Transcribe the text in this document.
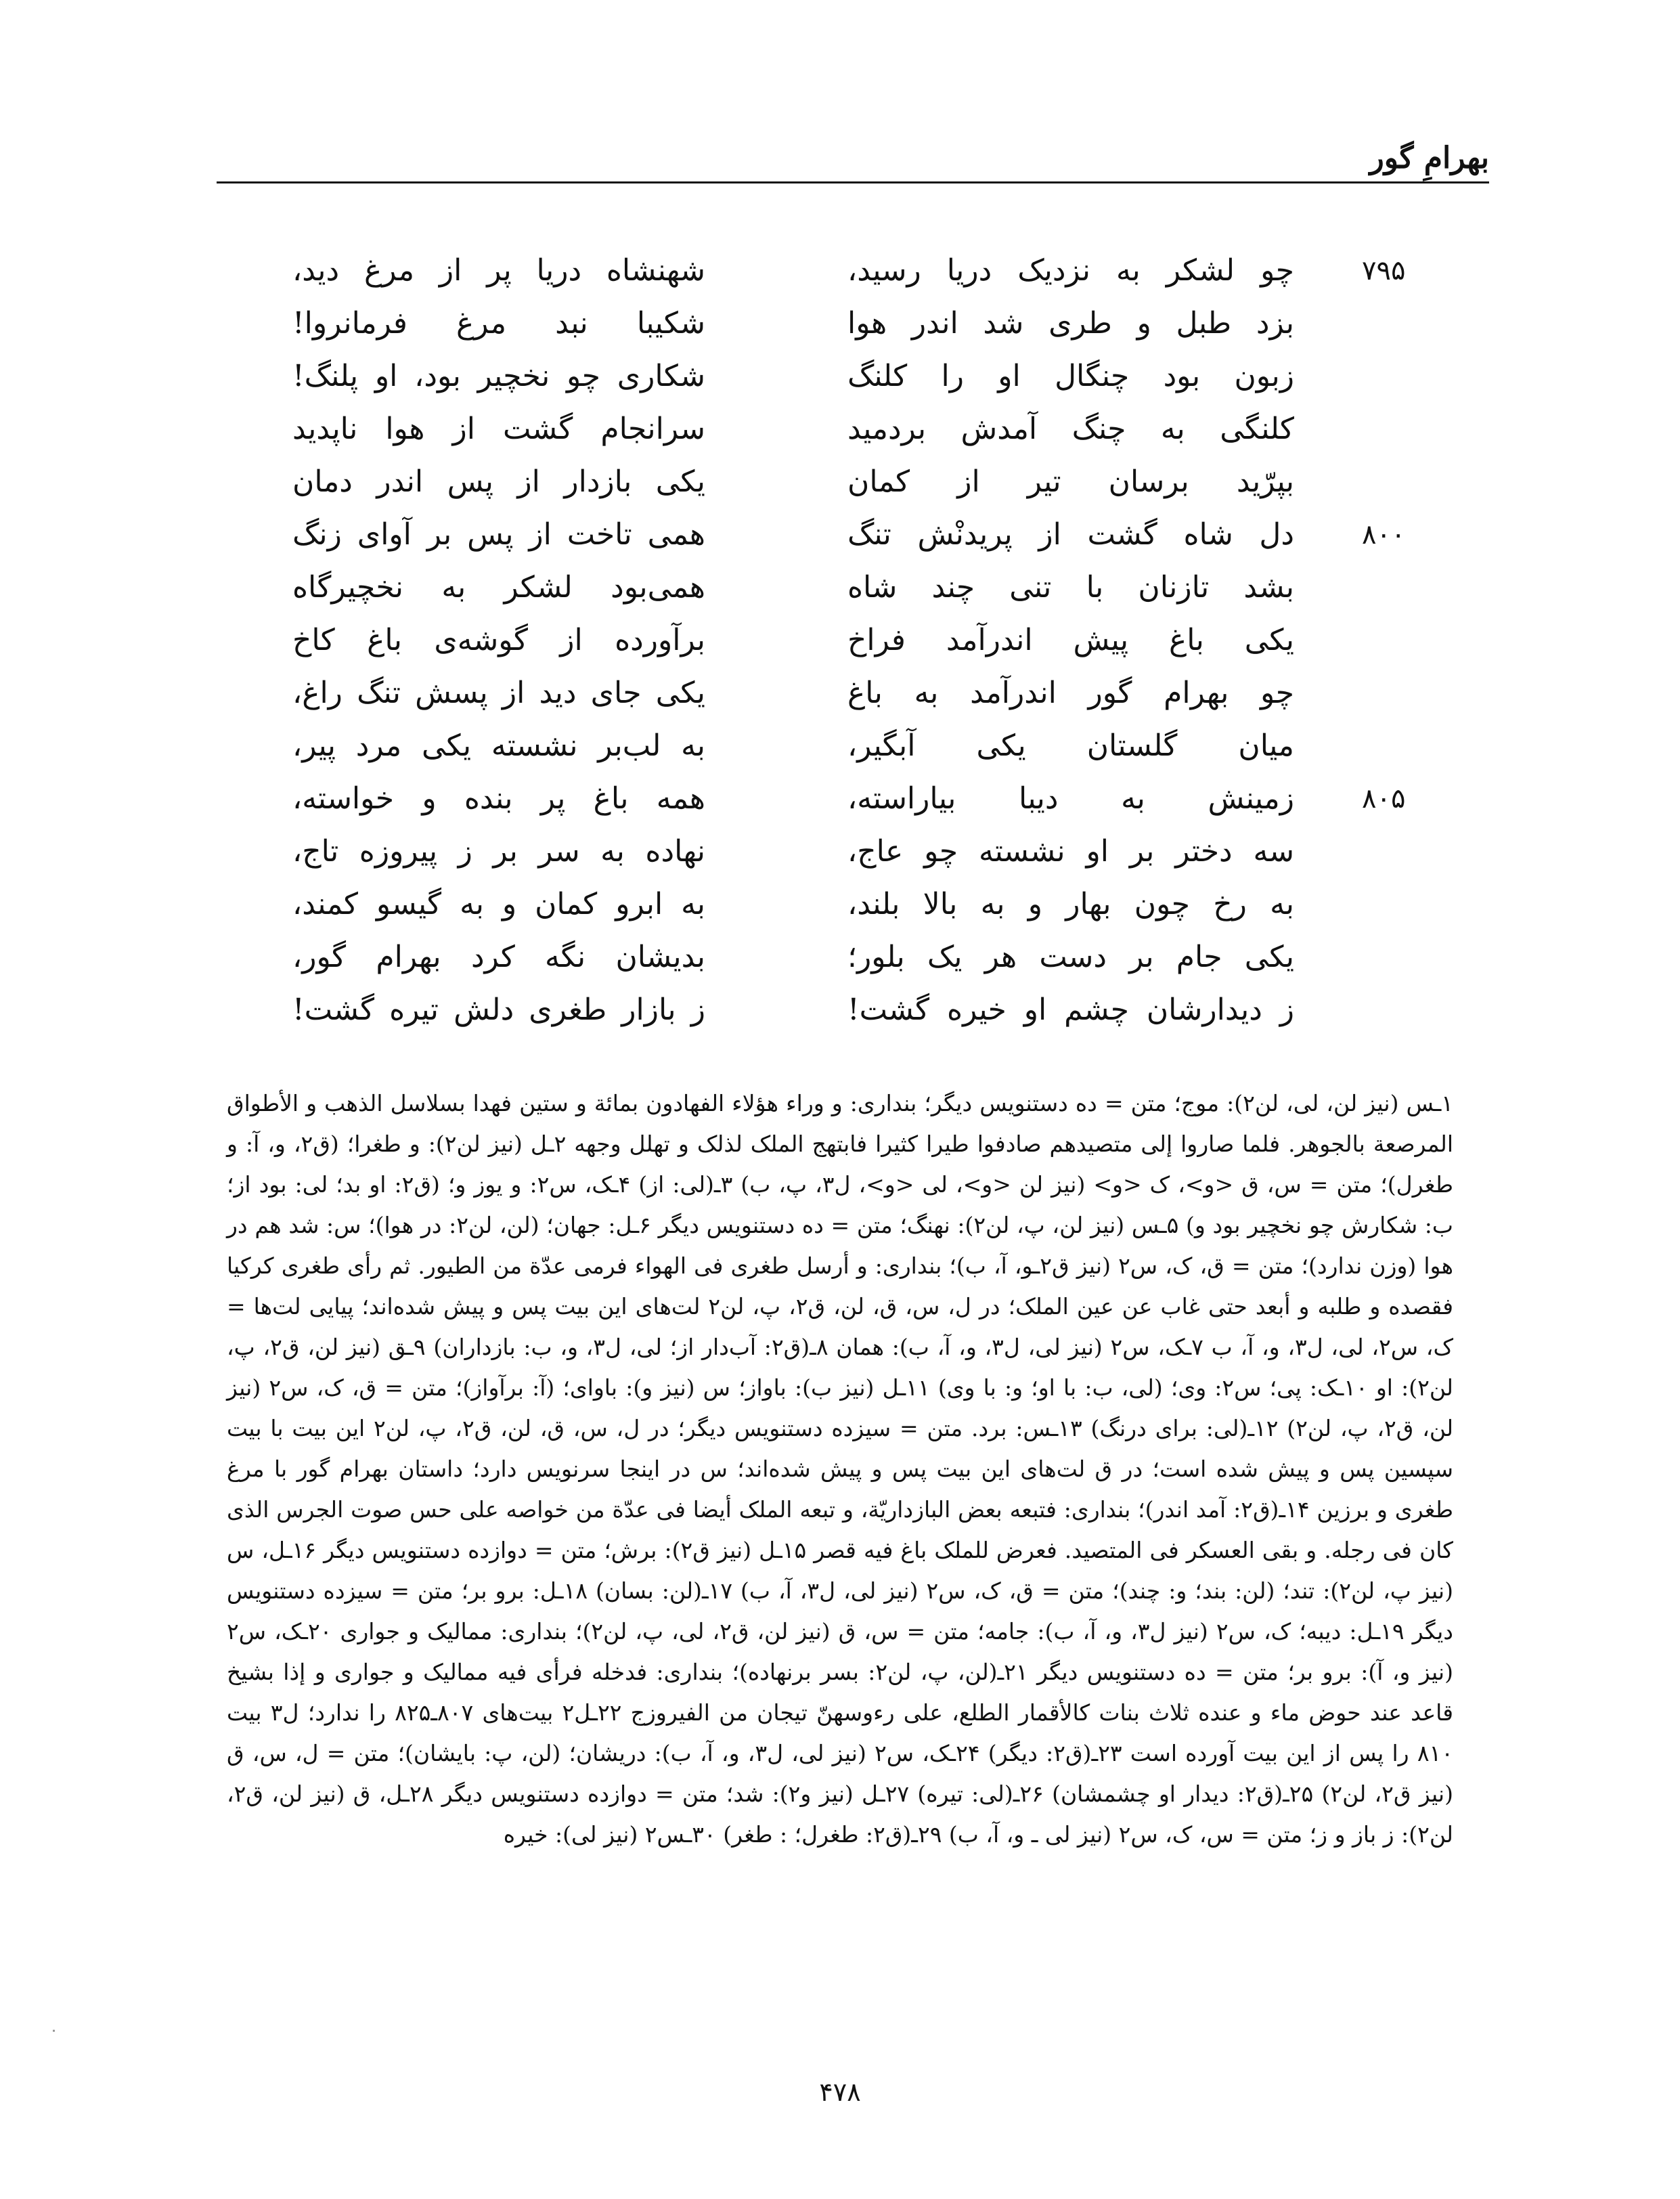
بهرامِ گور
۷۹۵
چو لشکر به نزدیک دریا رسید،
شهنشاه دریا پر از مرغ دید،
بزد طبل و طری شد اندر هوا
شکیبا نبد مرغ فرمانروا!
زبون بود چنگال او را کلنگ
شکاری چو نخچیر بود، او پلنگ!
کلنگی به چنگ آمدش بردمید
سرانجام گشت از هوا ناپدید
بپرّید برسان تیر از کمان
یکی بازدار از پس اندر دمان
۸۰۰
دل شاه گشت از پریدنْش تنگ
همی تاخت از پس بر آوای زنگ
بشد تازنان با تنی چند شاه
همی‌بود لشکر به نخچیرگاه
یکی باغ پیش اندرآمد فراخ
برآورده از گوشه‌ی باغ کاخ
چو بهرام گور اندرآمد به باغ
یکی جای دید از پسش تنگ راغ،
میان گلستان یکی آبگیر،
به لب‌بر نشسته یکی مرد پیر،
۸۰۵
زمینش به دیبا بیاراسته،
همه باغ پر بنده و خواسته،
سه دختر بر او نشسته چو عاج،
نهاده به سر بر ز پیروزه تاج،
به رخ چون بهار و به بالا بلند،
به ابرو کمان و به گیسو کمند،
یکی جام بر دست هر یک بلور؛
بدیشان نگه کرد بهرام گور،
ز دیدارشان چشم او خیره گشت!
ز بازار طغری دلش تیره گشت!
۱ـس (نیز لن، لی، لن۲): موج؛ متن = ده دستنویس دیگر؛ بنداری: و وراء هؤلاء الفهادون بمائة و ستین فهدا بسلاسل الذهب و الأطواق المرصعة بالجوهر. فلما صاروا إلی متصیدهم صادفوا طیرا کثیرا فابتهج الملک لذلک و تهلل وجهه ۲ـل (نیز لن۲): و طغرا؛ (ق۲، و، آ: و طغرل)؛ متن = س، ق <و>، ک <و> (نیز لن <و>، لی <و>، ل۳، پ، ب) ۳ـ(لی: از) ۴ـک، س۲: و یوز و؛ (ق۲: او بد؛ لی: بود از؛ ب: شکارش چو نخچیر بود و) ۵ـس (نیز لن، پ، لن۲): نهنگ؛ متن = ده دستنویس دیگر ۶ـل: جهان؛ (لن، لن۲: در هوا)؛ س: شد هم در هوا (وزن ندارد)؛ متن = ق، ک، س۲ (نیز ق۲ـو، آ، ب)؛ بنداری: و أرسل طغری فی الهواء فرمی عدّة من الطیور. ثم رأی طغری کرکیا فقصده و طلبه و أبعد حتی غاب عن عین الملک؛ در ل، س، ق، لن، ق۲، پ، لن۲ لت‌های این بیت پس و پیش شده‌اند؛ پیایی لت‌ها = ک، س۲، لی، ل۳، و، آ، ب ۷ـک، س۲ (نیز لی، ل۳، و، آ، ب): همان ۸ـ(ق۲: آب‌دار از؛ لی، ل۳، و، ب: بازداران) ۹ـق (نیز لن، ق۲، پ، لن۲): او ۱۰ـک: پی؛ س۲: وی؛ (لی، ب: با او؛ و: با وی) ۱۱ـل (نیز ب): باواز؛ س (نیز و): باوای؛ (آ: برآواز)؛ متن = ق، ک، س۲ (نیز لن، ق۲، پ، لن۲) ۱۲ـ(لی: برای درنگ) ۱۳ـس: برد. متن = سیزده دستنویس دیگر؛ در ل، س، ق، لن، ق۲، پ، لن۲ این بیت با بیت سپسین پس و پیش شده است؛ در ق لت‌های این بیت پس و پیش شده‌اند؛ س در اینجا سرنویس دارد؛ داستان بهرام گور با مرغ طغری و برزین ۱۴ـ(ق۲: آمد اندر)؛ بنداری: فتبعه بعض البازداریّة، و تبعه الملک أیضا فی عدّة من خواصه علی حس صوت الجرس الذی کان فی رجله. و بقی العسکر فی المتصید. فعرض للملک باغ فیه قصر ۱۵ـل (نیز ق۲): برش؛ متن = دوازده دستنویس دیگر ۱۶ـل، س (نیز پ، لن۲): تند؛ (لن: بند؛ و: چند)؛ متن = ق، ک، س۲ (نیز لی، ل۳، آ، ب) ۱۷ـ(لن: بسان) ۱۸ـل: برو بر؛ متن = سیزده دستنویس دیگر ۱۹ـل: دیبه؛ ک، س۲ (نیز ل۳، و، آ، ب): جامه؛ متن = س، ق (نیز لن، ق۲، لی، پ، لن۲)؛ بنداری: ممالیک و جواری ۲۰ـک، س۲ (نیز و، آ): برو بر؛ متن = ده دستنویس دیگر ۲۱ـ(لن، پ، لن۲: بسر برنهاده)؛ بنداری: فدخله فرأی فیه ممالیک و جواری و إذا بشیخ قاعد عند حوض ماء و عنده ثلاث بنات کالأقمار الطلع، علی رءوسهنّ تیجان من الفیروزج ۲۲ـل۲ بیت‌های ۸۰۷ـ۸۲۵ را ندارد؛ ل۳ بیت ۸۱۰ را پس از این بیت آورده است ۲۳ـ(ق۲: دیگر) ۲۴ـک، س۲ (نیز لی، ل۳، و، آ، ب): دریشان؛ (لن، پ: بایشان)؛ متن = ل، س، ق (نیز ق۲، لن۲) ۲۵ـ(ق۲: دیدار او چشمشان) ۲۶ـ(لی: تیره) ۲۷ـل (نیز و۲): شد؛ متن = دوازده دستنویس دیگر ۲۸ـل، ق (نیز لن، ق۲، لن۲): ز باز و ز؛ متن = س، ک، س۲ (نیز لی ـ و، آ، ب) ۲۹ـ(ق۲: طغرل؛ : طغر) ۳۰ـس۲ (نیز لی): خیره
۴۷۸
